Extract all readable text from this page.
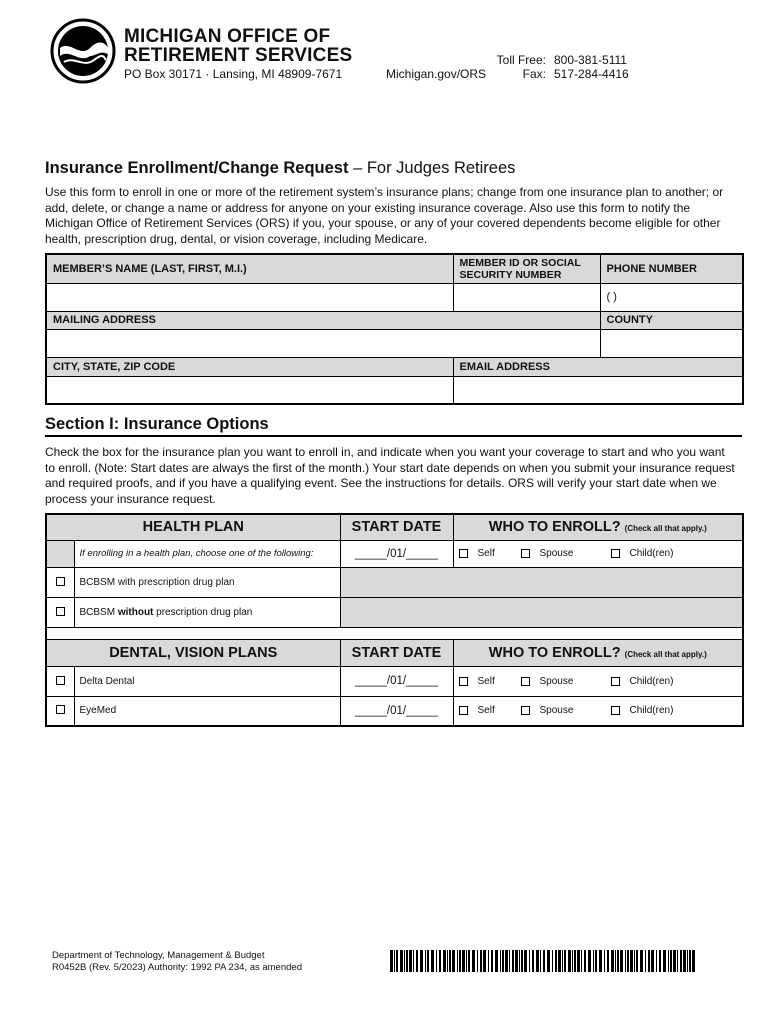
MICHIGAN OFFICE OF
RETIREMENT SERVICES
PO Box 30171 · Lansing, MI 48909-7671	Michigan.gov/ORS
Toll Free: 800-381-5111
Fax: 517-284-4416
Insurance Enrollment/Change Request – For Judges Retirees
Use this form to enroll in one or more of the retirement system’s insurance plans; change from one insurance plan to another; or add, delete, or change a name or address for anyone on your existing insurance coverage. Also use this form to notify the Michigan Office of Retirement Services (ORS) if you, your spouse, or any of your covered dependents become eligible for other health, prescription drug, dental, or vision coverage, including Medicare.
MEMBER’S NAME (LAST, FIRST, M.I.)	MEMBER ID OR SOCIAL SECURITY NUMBER	PHONE NUMBER
		( )
MAILING ADDRESS		COUNTY

CITY, STATE, ZIP CODE	EMAIL ADDRESS	

Section I: Insurance Options
Check the box for the insurance plan you want to enroll in, and indicate when you want your coverage to start and who you want to enroll. (Note: Start dates are always the first of the month.) Your start date depends on when you submit your insurance request and required proofs, and if you have a qualifying event. See the instructions for details. ORS will verify your start date when we process your insurance request.
HEALTH PLAN		START DATE	WHO TO ENROLL? (Check all that apply.)
	If enrolling in a health plan, choose one of the following:	_____/01/_____	Self Spouse Child(ren)

	BCBSM with prescription drug plan		
	BCBSM without prescription drug plan		

DENTAL, VISION PLANS		START DATE	WHO TO ENROLL? (Check all that apply.)
	Delta Dental	_____/01/_____	Self Spouse Child(ren)

	EyeMed	_____/01/_____	Self Spouse Child(ren)
Department of Technology, Management & Budget
R0452B (Rev. 5/2023) Authority: 1992 PA 234, as amended
